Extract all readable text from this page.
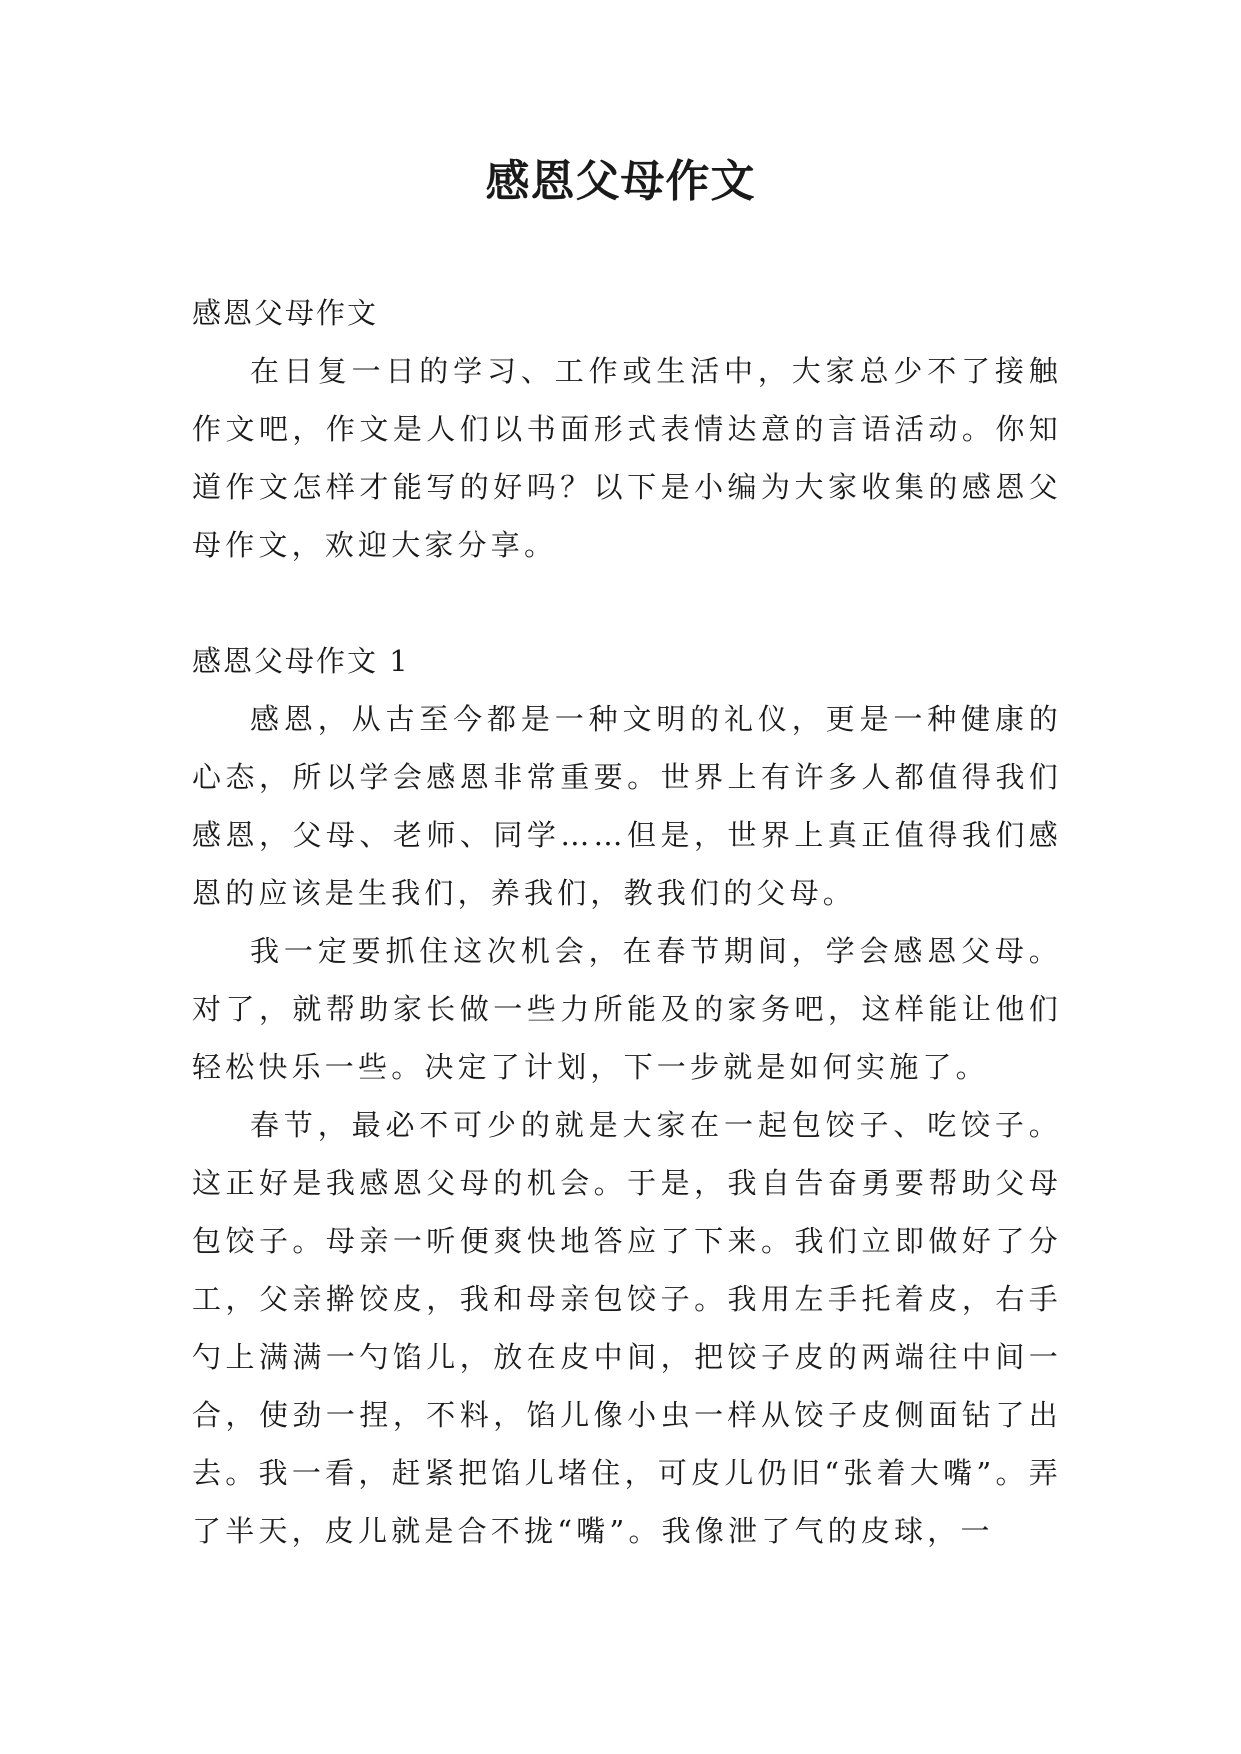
感恩父母作文

感恩父母作文

在日复一日的学习、工作或生活中，大家总少不了接触作文吧，作文是人们以书面形式表情达意的言语活动。你知道作文怎样才能写的好吗？以下是小编为大家收集的感恩父母作文，欢迎大家分享。

感恩父母作文 1

感恩，从古至今都是一种文明的礼仪，更是一种健康的心态，所以学会感恩非常重要。世界上有许多人都值得我们感恩，父母、老师、同学……但是，世界上真正值得我们感恩的应该是生我们，养我们，教我们的父母。

我一定要抓住这次机会，在春节期间，学会感恩父母。对了，就帮助家长做一些力所能及的家务吧，这样能让他们轻松快乐一些。决定了计划，下一步就是如何实施了。

春节，最必不可少的就是大家在一起包饺子、吃饺子。这正好是我感恩父母的机会。于是，我自告奋勇要帮助父母包饺子。母亲一听便爽快地答应了下来。我们立即做好了分工，父亲擀饺皮，我和母亲包饺子。我用左手托着皮，右手勺上满满一勺馅儿，放在皮中间，把饺子皮的两端往中间一合，使劲一捏，不料，馅儿像小虫一样从饺子皮侧面钻了出去。我一看，赶紧把馅儿堵住，可皮儿仍旧“张着大嘴”。弄了半天，皮儿就是合不拢“嘴”。我像泄了气的皮球，一
